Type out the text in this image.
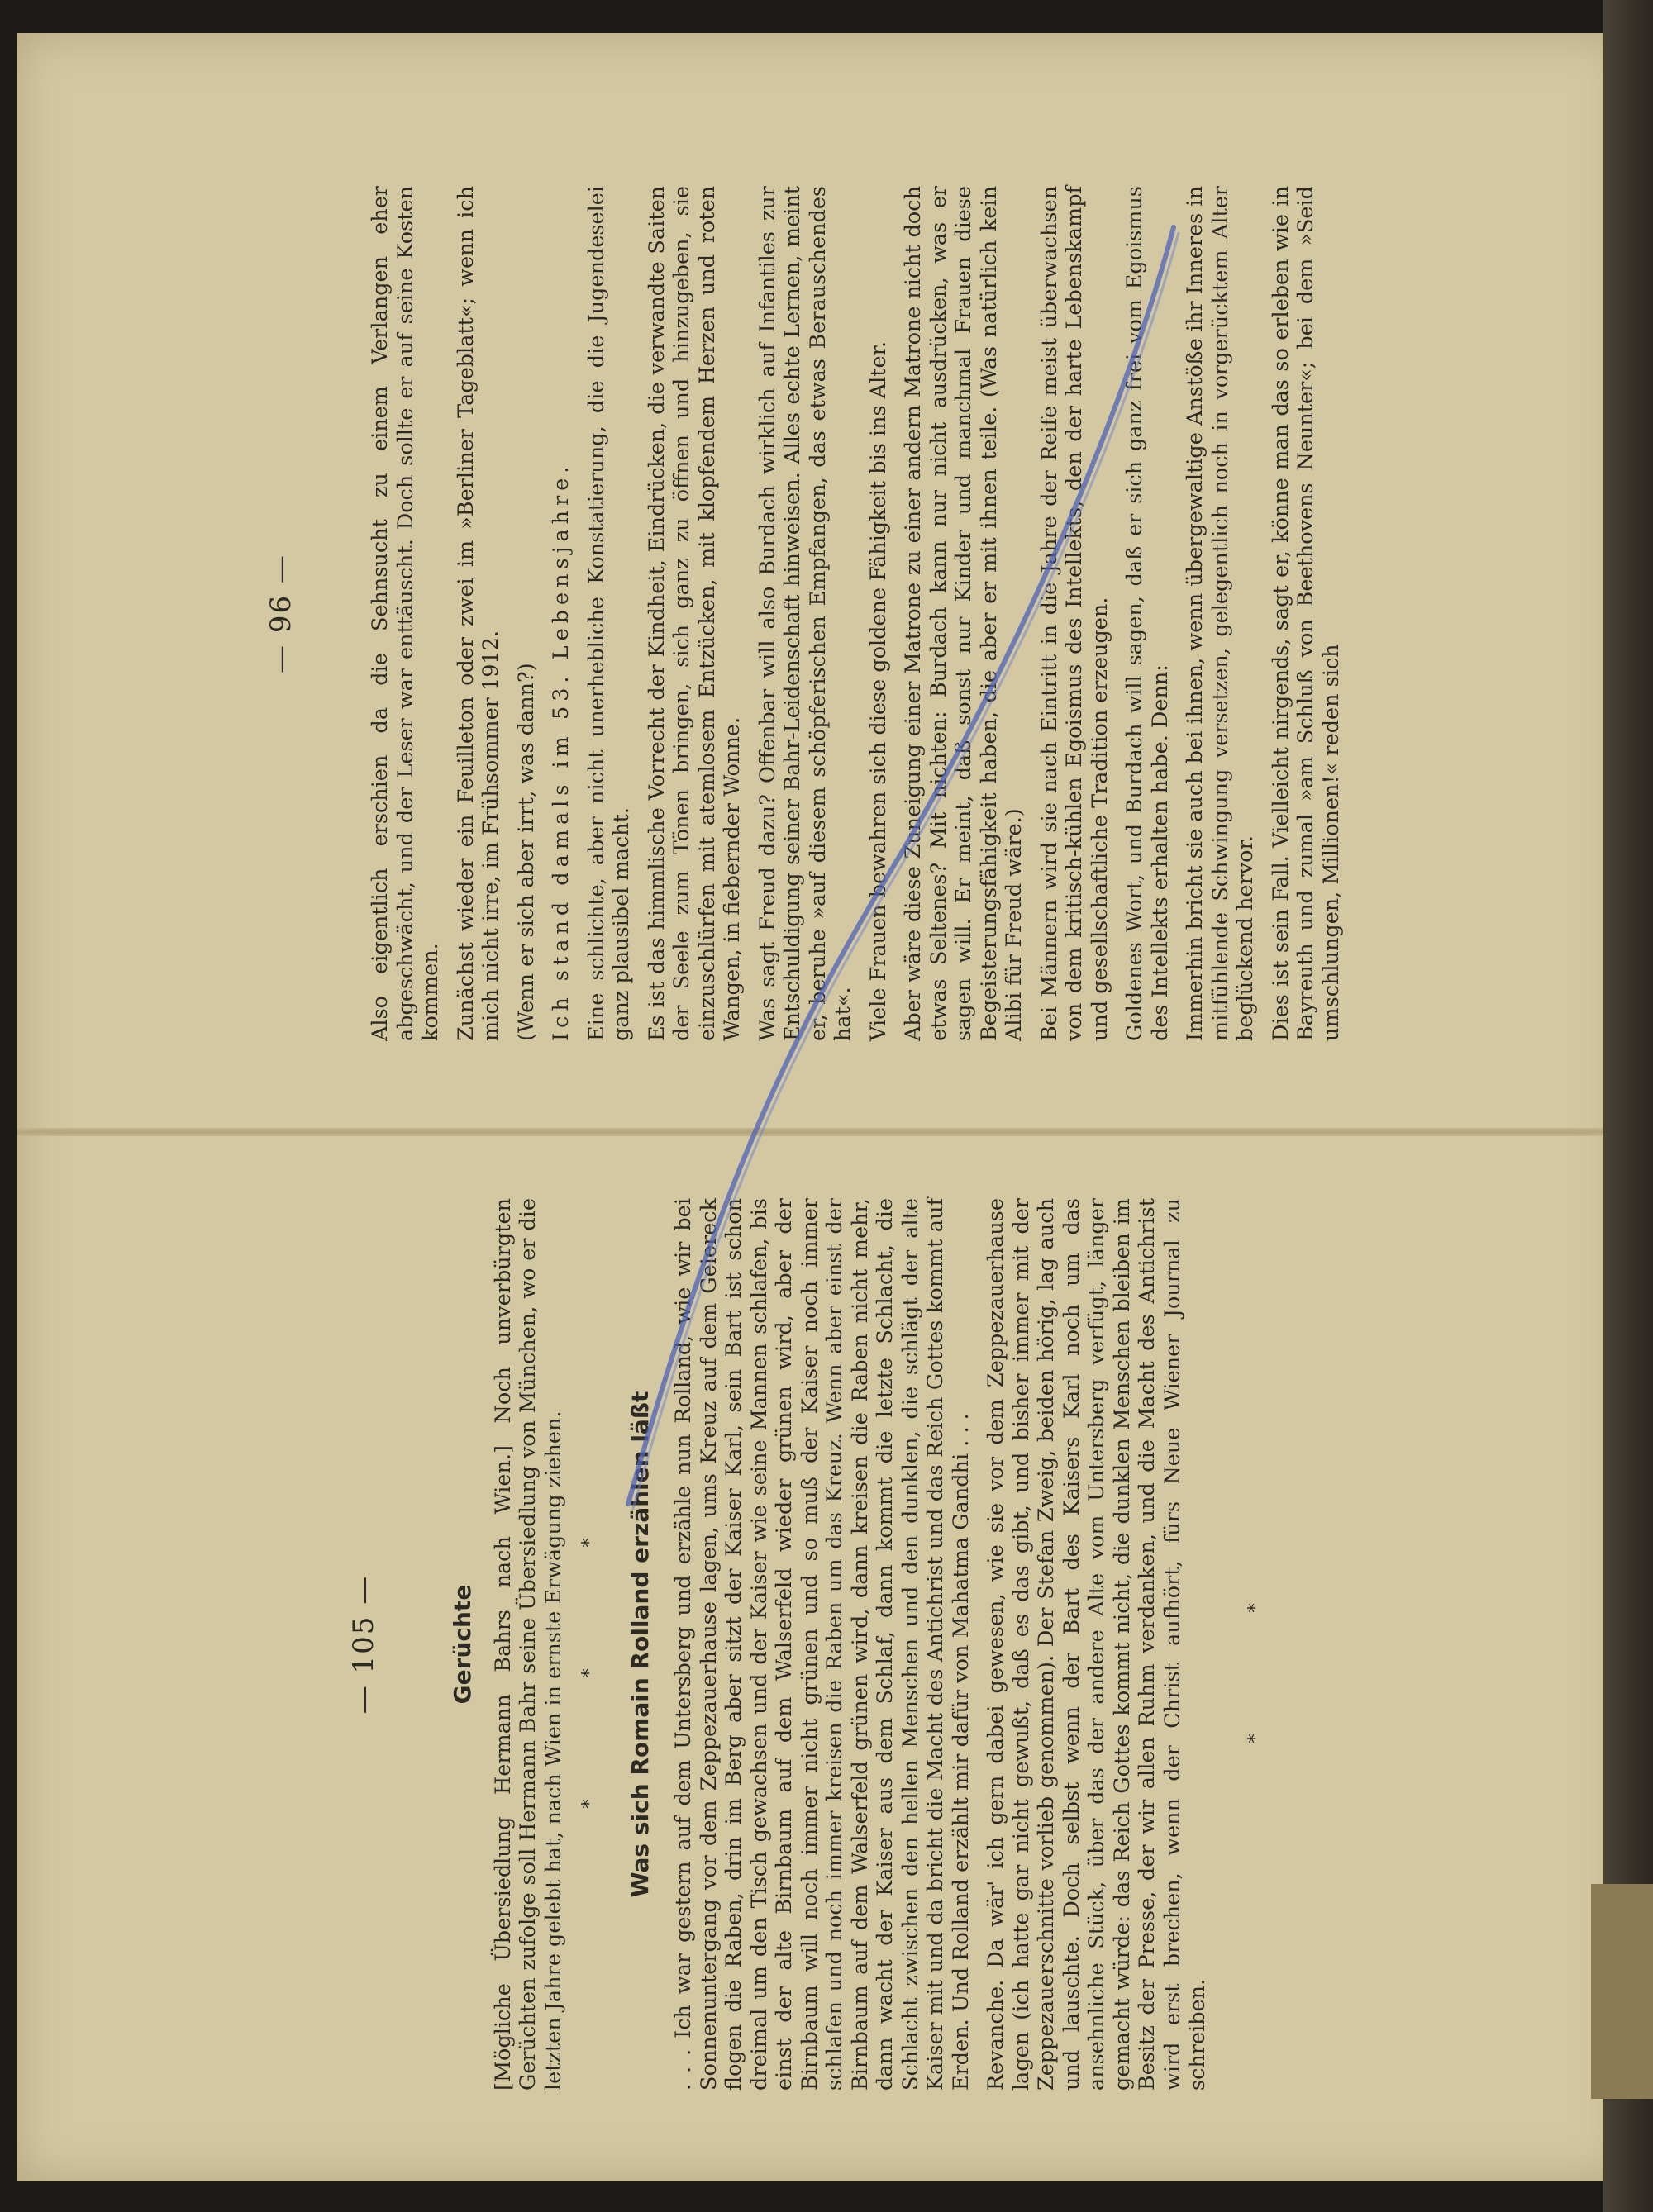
— 96 —	Also eigentlich erschien da die Sehnsucht zu einem Verlangen eher abgeschwächt, und der Leser war enttäuscht. Doch sollte er auf seine Kosten kommen. Zunächst wieder ein Feuilleton oder zwei im »Berliner Tageblatt«; wenn ich mich nicht irre, im Frühsommer 1912. (Wenn er sich aber irrt, was dann?) Ich stand damals im 53. Lebensjahre. Eine schlichte, aber nicht unerhebliche Konstatierung, die die Jugendeselei ganz plausibel macht. Es ist das himmlische Vorrecht der Kindheit, Eindrücken, die verwandte Saiten der Seele zum Tönen bringen, sich ganz zu öffnen und hinzugeben, sie einzuschlürfen mit atemlosem Entzücken, mit klopfendem Herzen und roten Wangen, in fiebernder Wonne. Was sagt Freud dazu? Offenbar will also Burdach wirklich auf Infantiles zur Entschuldigung seiner Bahr-Leidenschaft hinweisen. Alles echte Lernen, meint er, beruhe »auf diesem schöpferischen Empfangen, das etwas Berauschendes hat«. Viele Frauen bewahren sich diese goldene Fähigkeit bis ins Alter. Aber wäre diese Zuneigung einer Matrone zu einer andern Matrone nicht doch etwas Seltenes? Mit nichten: Burdach kann nur nicht ausdrücken, was er sagen will. Er meint, daß sonst nur Kinder und manchmal Frauen diese Begeisterungsfähigkeit haben, die aber er mit ihnen teile. (Was natürlich kein Alibi für Freud wäre.) Bei Männern wird sie nach Eintritt in die Jahre der Reife meist überwachsen von dem kritisch-kühlen Egoismus des Intellekts, den der harte Lebenskampf und gesellschaftliche Tradition erzeugen. Goldenes Wort, und Burdach will sagen, daß er sich ganz frei vom Egoismus des Intellekts erhalten habe. Denn: Immerhin bricht sie auch bei ihnen, wenn übergewaltige Anstöße ihr Inneres in mitfühlende Schwingung versetzen, gelegentlich noch in vorgerücktem Alter beglückend hervor. Dies ist sein Fall. Vielleicht nirgends, sagt er, könne man das so erleben wie in Bayreuth und zumal »am Schluß von Beethovens Neunter«; bei dem »Seid umschlungen, Millionen!« reden sich

— 105 —	Gerüchte [Mögliche Übersiedlung Hermann Bahrs nach Wien.] Noch unverbürgten Gerüchten zufolge soll Hermann Bahr seine Übersiedlung von München, wo er die letzten Jahre gelebt hat, nach Wien in ernste Erwägung ziehen. * * * Was sich Romain Rolland erzählen läßt . . . Ich war gestern auf dem Untersberg und erzähle nun Rolland, wie wir bei Sonnenuntergang vor dem Zeppezauerhause lagen, ums Kreuz auf dem Geiereck flogen die Raben, drin im Berg aber sitzt der Kaiser Karl, sein Bart ist schon dreimal um den Tisch gewachsen und der Kaiser wie seine Mannen schlafen, bis einst der alte Birnbaum auf dem Walserfeld wieder grünen wird, aber der Birnbaum will noch immer nicht grünen und so muß der Kaiser noch immer schlafen und noch immer kreisen die Raben um das Kreuz. Wenn aber einst der Birnbaum auf dem Walserfeld grünen wird, dann kreisen die Raben nicht mehr, dann wacht der Kaiser aus dem Schlaf, dann kommt die letzte Schlacht, die Schlacht zwischen den hellen Menschen und den dunklen, die schlägt der alte Kaiser mit und da bricht die Macht des Antichrist und das Reich Gottes kommt auf Erden. Und Rolland erzählt mir dafür von Mahatma Gandhi . . . Revanche. Da wär' ich gern dabei gewesen, wie sie vor dem Zeppezauerhause lagen (ich hatte gar nicht gewußt, daß es das gibt, und bisher immer mit der Zeppezauerschnitte vorlieb genommen). Der Stefan Zweig, beiden hörig, lag auch und lauschte. Doch selbst wenn der Bart des Kaisers Karl noch um das ansehnliche Stück, über das der andere Alte vom Untersberg verfügt, länger gemacht würde: das Reich Gottes kommt nicht, die dunklen Menschen bleiben im Besitz der Presse, der wir allen Ruhm verdanken, und die Macht des Antichrist wird erst brechen, wenn der Christ aufhört, fürs Neue Wiener Journal zu schreiben.

* *
